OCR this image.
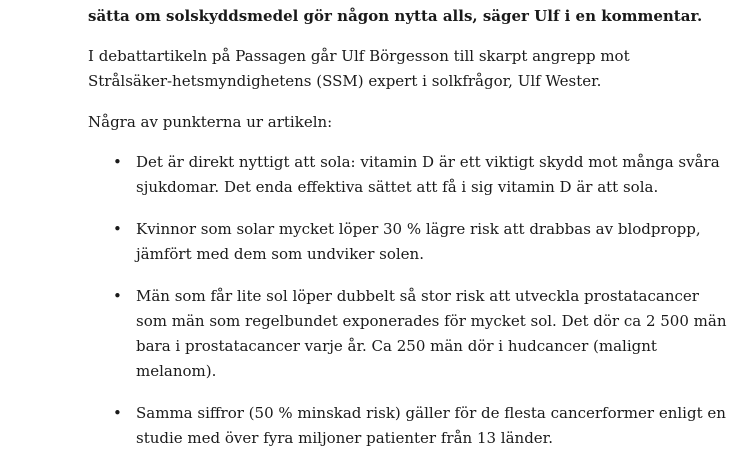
sätta om solskyddsmedel gör någon nytta alls, säger Ulf i en kommentar.
I debattartikeln på Passagen går Ulf Börgesson till skarpt angrepp mot Strålsäker-hetsmyndighetens (SSM) expert i solkfrågor, Ulf Wester.
Några av punkterna ur artikeln:
• Det är direkt nyttigt att sola: vitamin D är ett viktigt skydd mot många svåra sjukdomar. Det enda effektiva sättet att få i sig vitamin D är att sola.
• Kvinnor som solar mycket löper 30 % lägre risk att drabbas av blodpropp, jämfört med dem som undviker solen.
• Män som får lite sol löper dubbelt så stor risk att utveckla prostatacancer som män som regelbundet exponerades för mycket sol. Det dör ca 2 500 män bara i prostatacancer varje år. Ca 250 män dör i hudcancer (malignt melanom).
• Samma siffror (50 % minskad risk) gäller för de flesta cancerformer enligt en studie med över fyra miljoner patienter från 13 länder.
